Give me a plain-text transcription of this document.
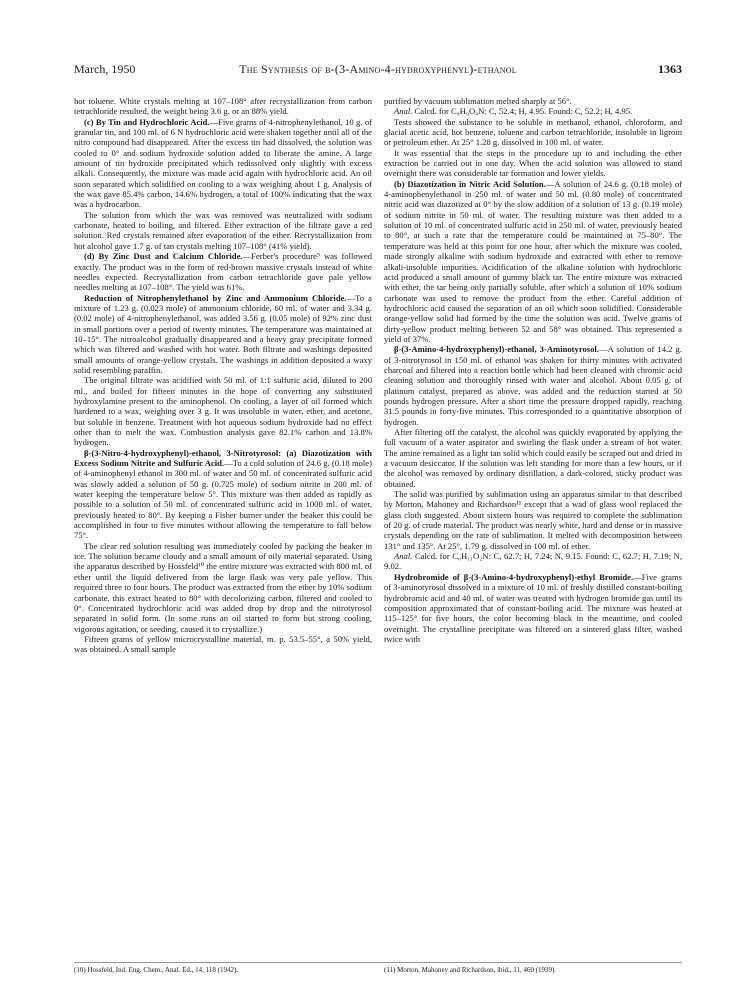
March, 1950	The Synthesis of β-(3-Amino-4-hydroxyphenyl)-ethanol	1363

hot toluene. White crystals melting at 107–108° after recrystallization from carbon tetrachloride resulted, the weight being 3.6 g. or an 88% yield.

(c) By Tin and Hydrochloric Acid.—Five grams of 4-nitrophenylethanol, 10 g. of granular tin, and 100 ml. of 6 N hydrochloric acid were shaken together until all of the nitro compound had disappeared. After the excess tin had dissolved, the solution was cooled to 0° and sodium hydroxide solution added to liberate the amine. A large amount of tin hydroxide precipitated which redissolved only slightly with excess alkali. Consequently, the mixture was made acid again with hydrochloric acid. An oil soon separated which solidified on cooling to a wax weighing about 1 g. Analysis of the wax gave 85.4% carbon, 14.6% hydrogen, a total of 100% indicating that the wax was a hydrocarbon.

The solution from which the wax was removed was neutralized with sodium carbonate, heated to boiling, and filtered. Ether extraction of the filtrate gave a red solution. Red crystals remained after evaporation of the ether. Recrystallization from hot alcohol gave 1.7 g. of tan crystals melting 107–108° (41% yield).

(d) By Zinc Dust and Calcium Chloride.—Ferber's procedure⁹ was followed exactly. The product was in the form of red-brown massive crystals instead of white needles expected. Recrystallization from carbon tetrachloride gave pale yellow needles melting at 107–108°. The yield was 61%.

Reduction of Nitrophenylethanol by Zinc and Ammonium Chloride.—To a mixture of 1.23 g. (0.023 mole) of ammonium chloride, 60 ml. of water and 3.34 g. (0.02 mole) of 4-nitrophenylethanol, was added 3.56 g. (0.05 mole) of 92% zinc dust in small portions over a period of twenty minutes. The temperature was maintained at 10–15°. The nitroalcohol gradually disappeared and a heavy gray precipitate formed which was filtered and washed with hot water. Both filtrate and washings deposited small amounts of orange-yellow crystals. The washings in addition deposited a waxy solid resembling paraffin.

The original filtrate was acidified with 50 ml. of 1:1 sulfuric acid, diluted to 200 ml., and boiled for fifteen minutes in the hope of converting any substituted hydroxylamine present to the aminophenol. On cooling, a layer of oil formed which hardened to a wax, weighing over 3 g. It was insoluble in water, ether, and acetone, but soluble in benzene. Treatment with hot aqueous sodium hydroxide had no effect other than to melt the wax. Combustion analysis gave 82.1% carbon and 13.8% hydrogen.

β-(3-Nitro-4-hydroxyphenyl)-ethanol, 3-Nitrotyrosol: (a) Diazotization with Excess Sodium Nitrite and Sulfuric Acid.—To a cold solution of 24.6 g. (0.18 mole) of 4-aminophenyl ethanol in 300 ml. of water and 50 ml. of concentrated sulfuric acid was slowly added a solution of 50 g. (0.725 mole) of sodium nitrite in 200 ml. of water keeping the temperature below 5°. This mixture was then added as rapidly as possible to a solution of 50 ml. of concentrated sulfuric acid in 1000 ml. of water, previously heated to 80°. By keeping a Fisher burner under the beaker this could be accomplished in four to five minutes without allowing the temperature to fall below 75°.

The clear red solution resulting was immediately cooled by packing the beaker in ice. The solution became cloudy and a small amount of oily material separated. Using the apparatus described by Hossfeld¹⁰ the entire mixture was extracted with 800 ml. of ether until the liquid delivered from the large flask was very pale yellow. This required three to four hours. The product was extracted from the ether by 10% sodium carbonate, this extract heated to 80° with decolorizing carbon, filtered and cooled to 0°. Concentrated hydrochloric acid was added drop by drop and the nitrotyrosol separated in solid form. (In some runs an oil started to form but strong cooling, vigorous agitation, or seeding, caused it to crystallize.)

Fifteen grams of yellow microcrystalline material, m. p. 53.5–55°, a 50% yield, was obtained. A small sample

purified by vacuum sublimation melted sharply at 56°.

Anal. Calcd. for C₈H₉O₄N: C, 52.4; H, 4.95. Found: C, 52.2; H, 4.95.

Tests showed the substance to be soluble in methanol, ethanol, chloroform, and glacial acetic acid, hot benzene, toluene and carbon tetrachloride, insoluble in ligroin or petroleum ether. At 25° 1.28 g. dissolved in 100 ml. of water.

It was essential that the steps in the procedure up to and including the ether extraction be carried out in one day. When the acid solution was allowed to stand overnight there was considerable tar formation and lower yields.

(b) Diazotization in Nitric Acid Solution.—A solution of 24.6 g. (0.18 mole) of 4-aminophenylethanol in 250 ml. of water and 50 ml. (0.80 mole) of concentrated nitric acid was diazotized at 0° by the slow addition of a solution of 13 g. (0.19 mole) of sodium nitrite in 50 ml. of water. The resulting mixture was then added to a solution of 10 ml. of concentrated sulfuric acid in 250 ml. of water, previously heated to 80°, at such a rate that the temperature could be maintained at 75–80°. The temperature was held at this point for one hour, after which the mixture was cooled, made strongly alkaline with sodium hydroxide and extracted with ether to remove alkali-insoluble impurities. Acidification of the alkaline solution with hydrochloric acid produced a small amount of gummy black tar. The entire mixture was extracted with ether, the tar being only partially soluble, after which a solution of 10% sodium carbonate was used to remove the product from the ether. Careful addition of hydrochloric acid caused the separation of an oil which soon solidified. Considerable orange-yellow solid had formed by the time the solution was acid. Twelve grams of dirty-yellow product melting between 52 and 58° was obtained. This represented a yield of 37%.

β-(3-Amino-4-hydroxyphenyl)-ethanol, 3-Aminotyrosol.—A solution of 14.2 g. of 3-nitrotyrosol in 150 ml. of ethanol was shaken for thirty minutes with activated charcoal and filtered into a reaction bottle which had been cleaned with chromic acid cleaning solution and thoroughly rinsed with water and alcohol. About 0.05 g. of platinum catalyst, prepared as above, was added and the reduction started at 50 pounds hydrogen pressure. After a short time the pressure dropped rapidly, reaching 31.5 pounds in forty-five minutes. This corresponded to a quantitative absorption of hydrogen.

After filtering off the catalyst, the alcohol was quickly evaporated by applying the full vacuum of a water aspirator and swirling the flask under a stream of hot water. The amine remained as a light tan solid which could easily be scraped out and dried in a vacuum desiccator. If the solution was left standing for more than a few hours, or if the alcohol was removed by ordinary distillation, a dark-colored, sticky product was obtained.

The solid was purified by sublimation using an apparatus similar to that described by Morton, Mahoney and Richardson¹¹ except that a wad of glass wool replaced the glass cloth suggested. About sixteen hours was required to complete the sublimation of 20 g. of crude material. The product was nearly white, hard and dense or in massive crystals depending on the rate of sublimation. It melted with decomposition between 131° and 135°. At 25°, 1.79 g. dissolved in 100 ml. of ether.

Anal. Calcd. for C₈H₁₁O₂N: C, 62.7; H, 7.24; N, 9.15. Found: C, 62.7; H, 7.19; N, 9.02.

Hydrobromide of β-(3-Amino-4-hydroxyphenyl)-ethyl Bromide.—Five grams of 3-aminotyrosol dissolved in a mixture of 10 ml. of freshly distilled constant-boiling hydrobromic acid and 40 ml. of water was treated with hydrogen bromide gas until its composition approximated that of constant-boiling acid. The mixture was heated at 115–125° for five hours, the color becoming black in the meantime, and cooled overnight. The crystalline precipitate was filtered on a sintered glass filter, washed twice with

(10) Hossfeld, Ind. Eng. Chem., Anal. Ed., 14, 118 (1942).	(11) Morton, Mahoney and Richardson, ibid., 11, 460 (1939).
